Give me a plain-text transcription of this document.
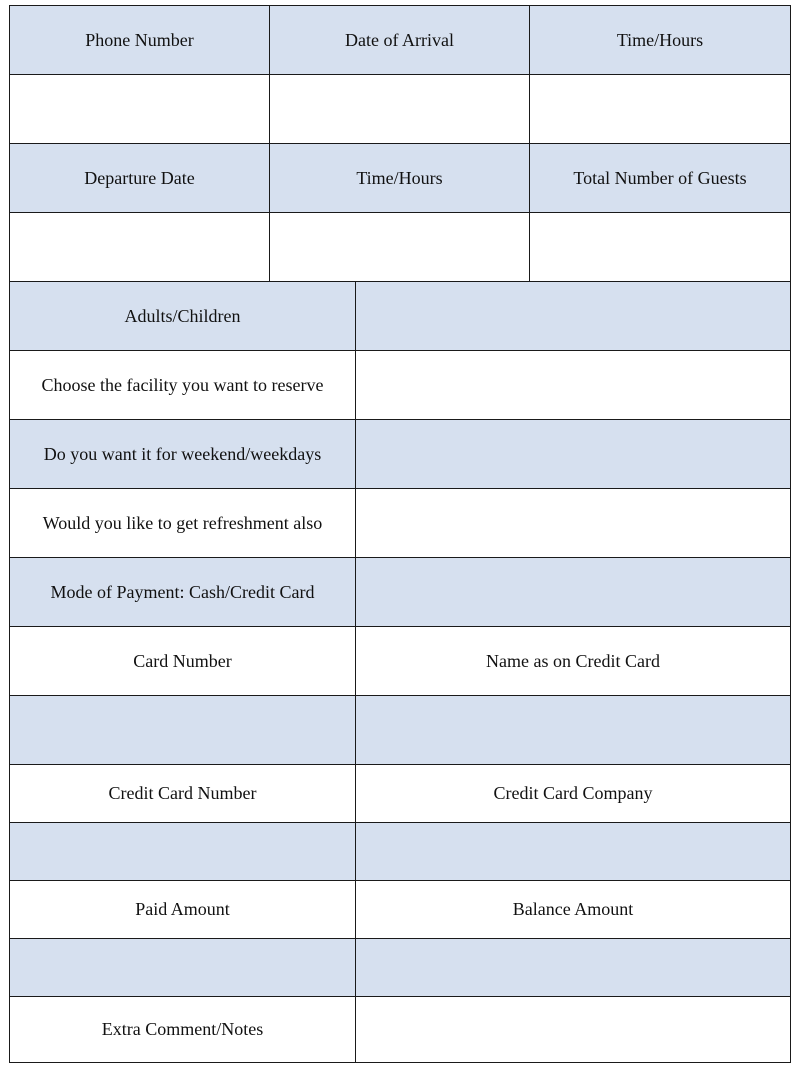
Phone Number	Date of Arrival		Time/Hours

Departure Date	Time/Hours		Total Number of Guests

Adults/Children			
Choose the facility you want to reserve			
Do you want it for weekend/weekdays			
Would you like to get refreshment also			
Mode of Payment: Cash/Credit Card			
Card Number		Name as on Credit Card	

Credit Card Number		Credit Card Company	

Paid Amount		Balance Amount	

Extra Comment/Notes			
